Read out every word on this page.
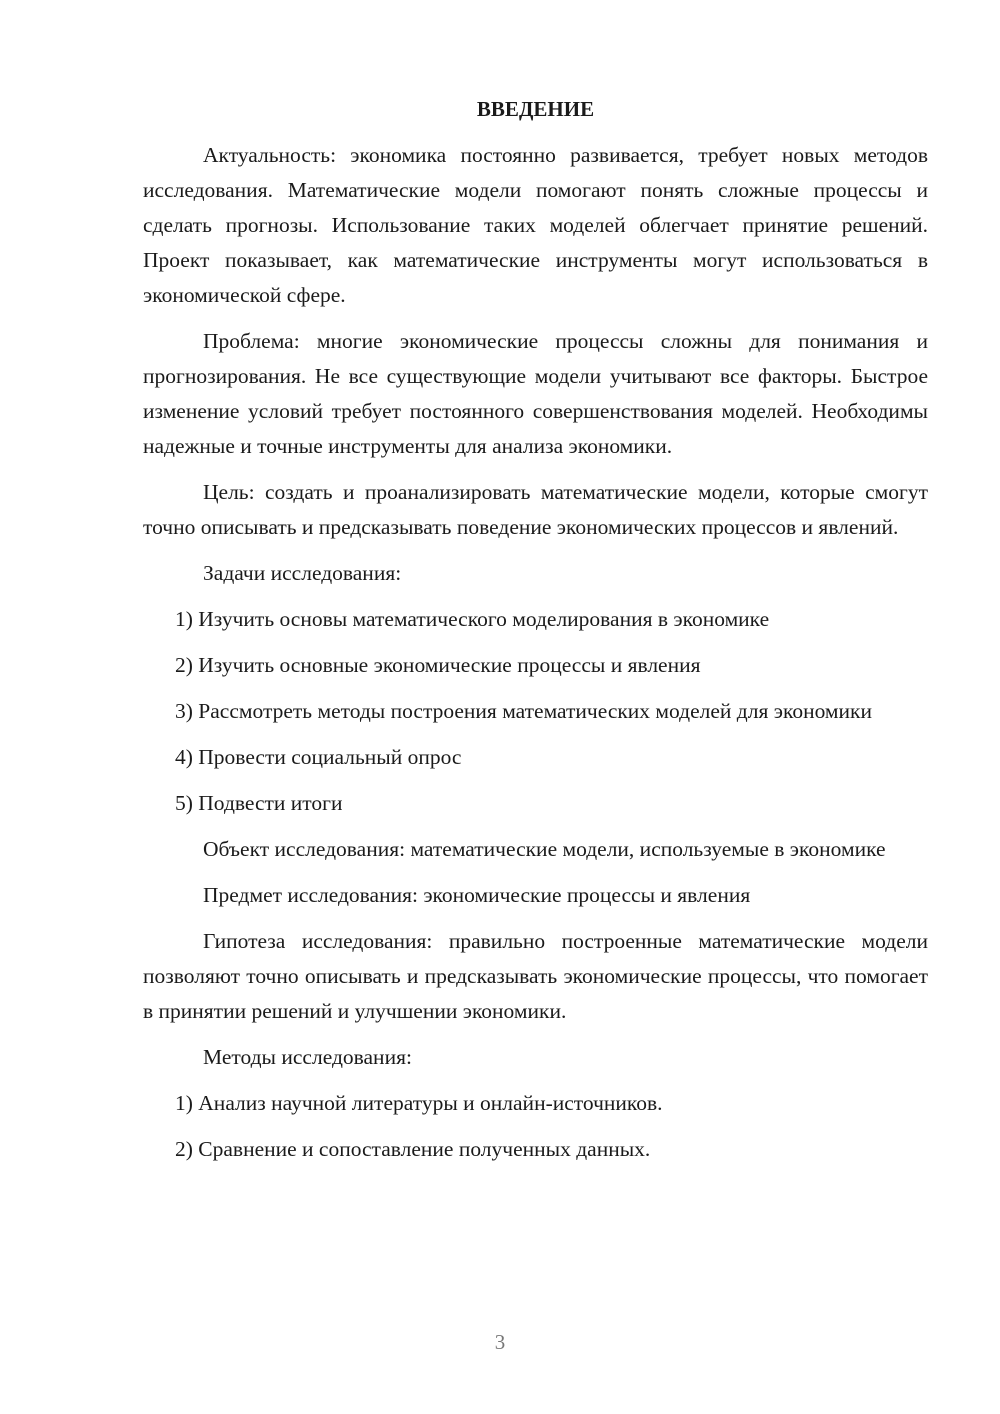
ВВЕДЕНИЕ

Актуальность: экономика постоянно развивается, требует новых методов исследования. Математические модели помогают понять сложные процессы и сделать прогнозы. Использование таких моделей облегчает принятие решений. Проект показывает, как математические инструменты могут использоваться в экономической сфере.

Проблема: многие экономические процессы сложны для понимания и прогнозирования. Не все существующие модели учитывают все факторы. Быстрое изменение условий требует постоянного совершенствования моделей. Необходимы надежные и точные инструменты для анализа экономики.

Цель: создать и проанализировать математические модели, которые смогут точно описывать и предсказывать поведение экономических процессов и явлений.

Задачи исследования:

1) Изучить основы математического моделирования в экономике

2) Изучить основные экономические процессы и явления

3) Рассмотреть методы построения математических моделей для экономики

4) Провести социальный опрос

5) Подвести итоги

Объект исследования: математические модели, используемые в экономике

Предмет исследования: экономические процессы и явления

Гипотеза исследования: правильно построенные математические модели позволяют точно описывать и предсказывать экономические процессы, что помогает в принятии решений и улучшении экономики.

Методы исследования:

1) Анализ научной литературы и онлайн-источников.

2) Сравнение и сопоставление полученных данных.

3
